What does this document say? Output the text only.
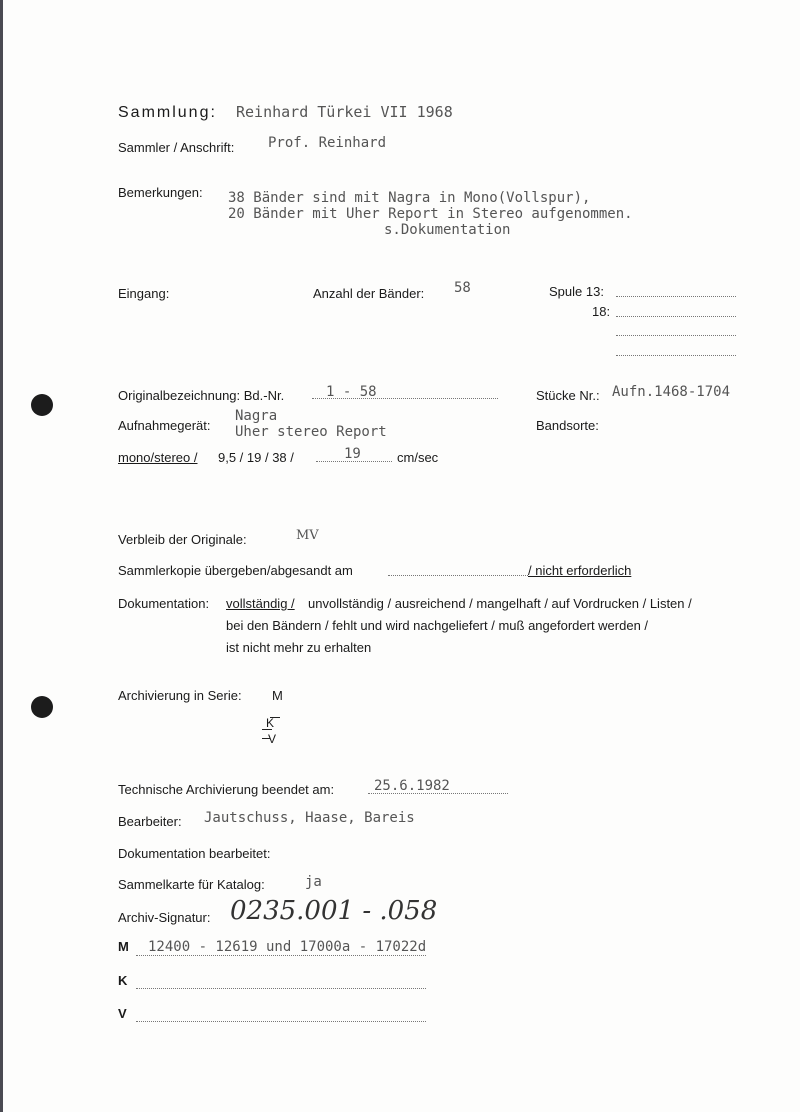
Sammlung: Reinhard Türkei VII 1968
Sammler / Anschrift: Prof. Reinhard
Bemerkungen: 38 Bänder sind mit Nagra in Mono(Vollspur),
20 Bänder mit Uher Report in Stereo aufgenommen.
s.Dokumentation
Eingang:	Anzahl der Bänder: 58	Spule 13:
18:
Originalbezeichnung: Bd.-Nr.	1 - 58	Stücke Nr.: Aufn.1468-1704
Aufnahmegerät:
Nagra
Uher stereo Report	Bandsorte:
mono/stereo / 9,5 / 19 / 38 /	19	cm/sec
Verbleib der Originale:	MV
Sammlerkopie übergeben/abgesandt am	/ nicht erforderlich
Dokumentation: vollständig / unvollständig / ausreichend / mangelhaft / auf Vordrucken / Listen /
bei den Bändern / fehlt und wird nachgeliefert / muß angefordert werden /
ist nicht mehr zu erhalten
Archivierung in Serie: M
K
V
Technische Archivierung beendet am:	25.6.1982
Bearbeiter: Jautschuss, Haase, Bareis
Dokumentation bearbeitet:
Sammelkarte für Katalog:	ja
Archiv-Signatur: 0235.001 - .058
M 12400 - 12619 und 17000a - 17022d
K
V
